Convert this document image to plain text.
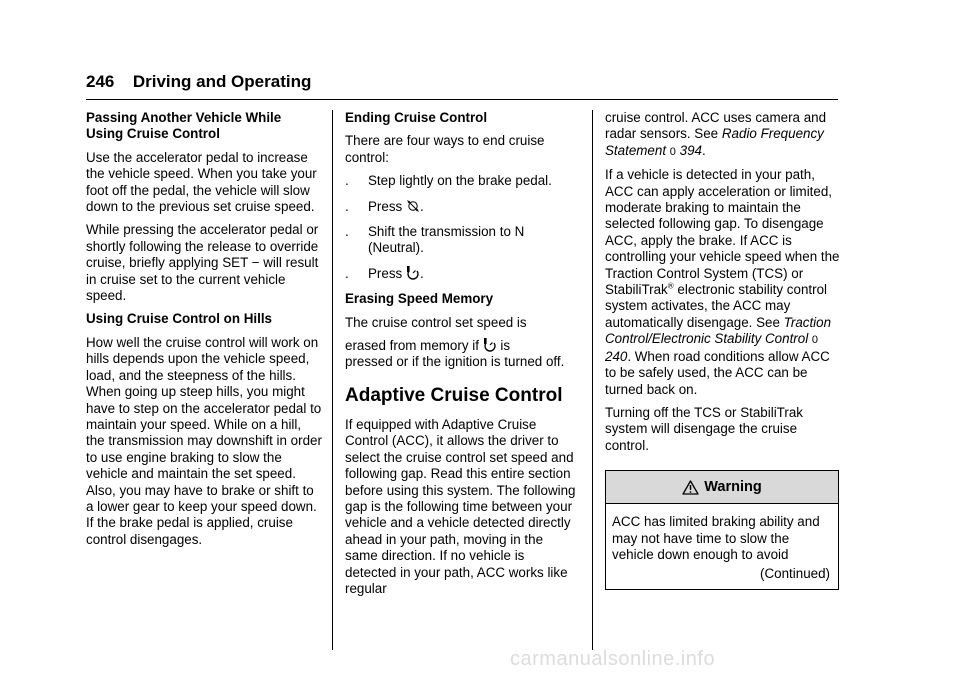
246 Driving and Operating
Passing Another Vehicle While Using Cruise Control

Use the accelerator pedal to increase the vehicle speed. When you take your foot off the pedal, the vehicle will slow down to the previous set cruise speed.

While pressing the accelerator pedal or shortly following the release to override cruise, briefly applying SET − will result in cruise set to the current vehicle speed.

Using Cruise Control on Hills

How well the cruise control will work on hills depends upon the vehicle speed, load, and the steepness of the hills. When going up steep hills, you might have to step on the accelerator pedal to maintain your speed. While on a hill, the transmission may downshift in order to use engine braking to slow the vehicle and maintain the set speed. Also, you may have to brake or shift to a lower gear to keep your speed down. If the brake pedal is applied, cruise control disengages.

Ending Cruise Control

There are four ways to end cruise control:

.	Step lightly on the brake pedal.
.	Press .
.	Shift the transmission to N (Neutral).
.	Press .
Erasing Speed Memory

The cruise control set speed is

erased from memory if is

pressed or if the ignition is turned off.

Adaptive Cruise Control

If equipped with Adaptive Cruise Control (ACC), it allows the driver to select the cruise control set speed and following gap. Read this entire section before using this system. The following gap is the following time between your vehicle and a vehicle detected directly ahead in your path, moving in the same direction. If no vehicle is detected in your path, ACC works like regular

cruise control. ACC uses camera and radar sensors. See Radio Frequency Statement 0 394.

If a vehicle is detected in your path, ACC can apply acceleration or limited, moderate braking to maintain the selected following gap. To disengage ACC, apply the brake. If ACC is controlling your vehicle speed when the Traction Control System (TCS) or StabiliTrak® electronic stability control system activates, the ACC may automatically disengage. See Traction Control/Electronic Stability Control 0 240. When road conditions allow ACC to be safely used, the ACC can be turned back on.

Turning off the TCS or StabiliTrak system will disengage the cruise control.

Warning

ACC has limited braking ability and may not have time to slow the vehicle down enough to avoid

(Continued)
carmanualsonline.info
